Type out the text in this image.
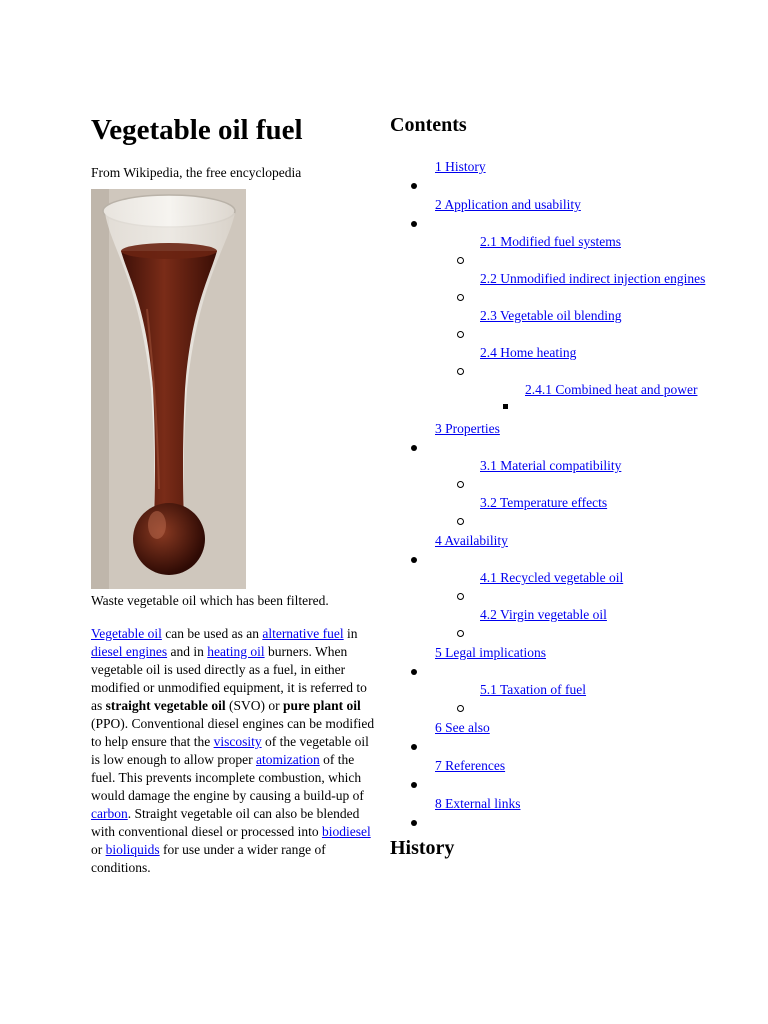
Vegetable oil fuel
From Wikipedia, the free encyclopedia
Waste vegetable oil which has been filtered.
Vegetable oil can be used as an alternative fuel in diesel engines and in heating oil burners. When vegetable oil is used directly as a fuel, in either modified or unmodified equipment, it is referred to as straight vegetable oil (SVO) or pure plant oil (PPO). Conventional diesel engines can be modified to help ensure that the viscosity of the vegetable oil is low enough to allow proper atomization of the fuel. This prevents incomplete combustion, which would damage the engine by causing a build-up of carbon. Straight vegetable oil can also be blended with conventional diesel or processed into biodiesel or bioliquids for use under a wider range of conditions.
Contents
1 History
2 Application and usability
2.1 Modified fuel systems
2.2 Unmodified indirect injection engines
2.3 Vegetable oil blending
2.4 Home heating
2.4.1 Combined heat and power
3 Properties
3.1 Material compatibility
3.2 Temperature effects
4 Availability
4.1 Recycled vegetable oil
4.2 Virgin vegetable oil
5 Legal implications
5.1 Taxation of fuel
6 See also
7 References
8 External links
History
